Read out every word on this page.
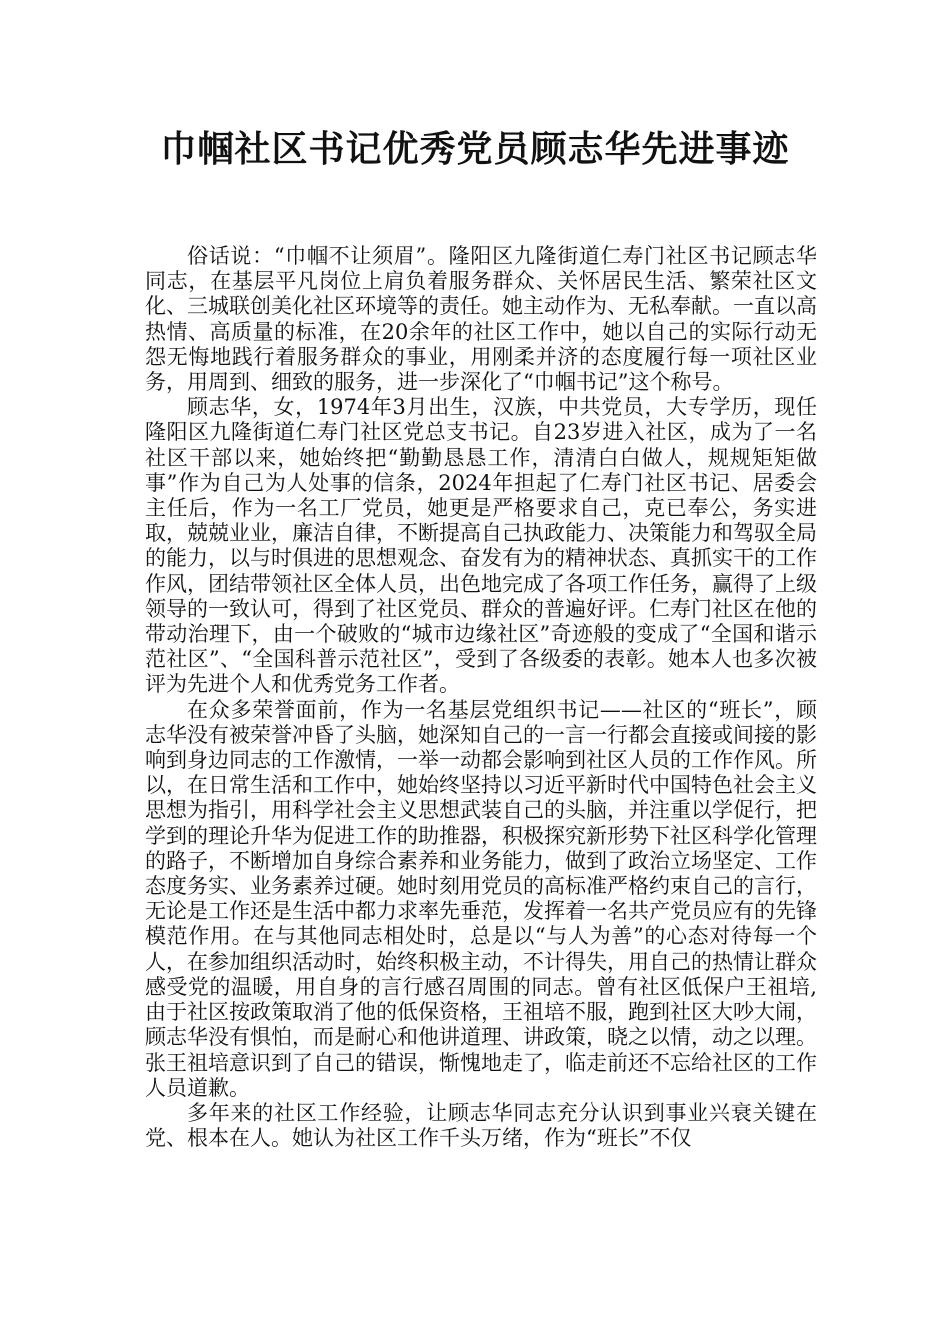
巾帼社区书记优秀党员顾志华先进事迹

俗话说：“巾帼不让须眉”。隆阳区九隆街道仁寿门社区书记顾志华同志，在基层平凡岗位上肩负着服务群众、关怀居民生活、繁荣社区文化、三城联创美化社区环境等的责任。她主动作为、无私奉献。一直以高热情、高质量的标准，在20余年的社区工作中，她以自己的实际行动无怨无悔地践行着服务群众的事业，用刚柔并济的态度履行每一项社区业务，用周到、细致的服务，进一步深化了“巾帼书记”这个称号。

顾志华，女，1974年3月出生，汉族，中共党员，大专学历，现任隆阳区九隆街道仁寿门社区党总支书记。自23岁进入社区，成为了一名社区干部以来，她始终把“勤勤恳恳工作，清清白白做人，规规矩矩做事”作为自己为人处事的信条，2024年担起了仁寿门社区书记、居委会主任后，作为一名工厂党员，她更是严格要求自己，克已奉公，务实进取，兢兢业业，廉洁自律，不断提高自己执政能力、决策能力和驾驭全局的能力，以与时俱进的思想观念、奋发有为的精神状态、真抓实干的工作作风，团结带领社区全体人员，出色地完成了各项工作任务，赢得了上级领导的一致认可，得到了社区党员、群众的普遍好评。仁寿门社区在他的带动治理下，由一个破败的“城市边缘社区”奇迹般的变成了“全国和谐示范社区”、“全国科普示范社区”，受到了各级委的表彰。她本人也多次被评为先进个人和优秀党务工作者。

在众多荣誉面前，作为一名基层党组织书记——社区的“班长”，顾志华没有被荣誉冲昏了头脑，她深知自己的一言一行都会直接或间接的影响到身边同志的工作激情，一举一动都会影响到社区人员的工作作风。所以，在日常生活和工作中，她始终坚持以习近平新时代中国特色社会主义思想为指引，用科学社会主义思想武装自己的头脑，并注重以学促行，把学到的理论升华为促进工作的助推器，积极探究新形势下社区科学化管理的路子，不断增加自身综合素养和业务能力，做到了政治立场坚定、工作态度务实、业务素养过硬。她时刻用党员的高标准严格约束自己的言行，无论是工作还是生活中都力求率先垂范，发挥着一名共产党员应有的先锋模范作用。在与其他同志相处时，总是以“与人为善”的心态对待每一个人，在参加组织活动时，始终积极主动，不计得失，用自己的热情让群众感受党的温暖，用自身的言行感召周围的同志。曾有社区低保户王祖培,由于社区按政策取消了他的低保资格，王祖培不服，跑到社区大吵大闹，顾志华没有惧怕，而是耐心和他讲道理、讲政策，晓之以情，动之以理。张王祖培意识到了自己的错误，惭愧地走了，临走前还不忘给社区的工作人员道歉。

多年来的社区工作经验，让顾志华同志充分认识到事业兴衰关键在党、根本在人。她认为社区工作千头万绪，作为“班长”不仅
